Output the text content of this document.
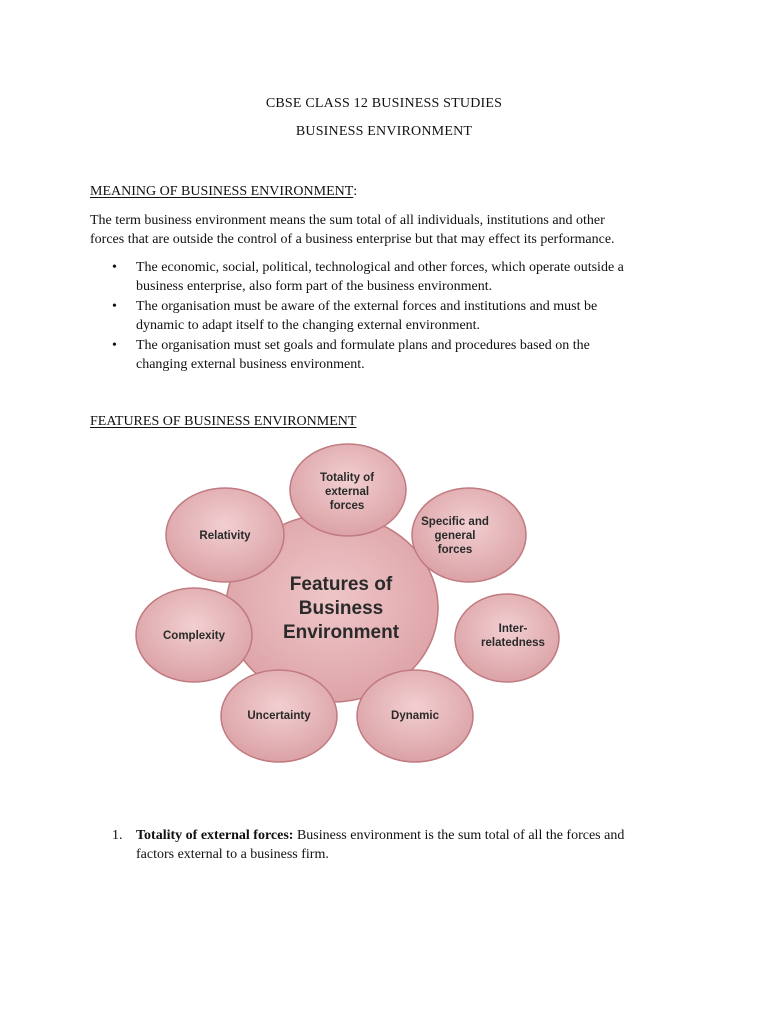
CBSE CLASS 12 BUSINESS STUDIES
BUSINESS ENVIRONMENT
MEANING OF BUSINESS ENVIRONMENT:
The term business environment means the sum total of all individuals, institutions and other
forces that are outside the control of a business enterprise but that may effect its performance.
• The economic, social, political, technological and other forces, which operate outside a
business enterprise, also form part of the business environment.
• The organisation must be aware of the external forces and institutions and must be
dynamic to adapt itself to the changing external environment.
• The organisation must set goals and formulate plans and procedures based on the
changing external business environment.
FEATURES OF BUSINESS ENVIRONMENT
Features of
Business
Environment
Totality of
external
forces
Specific and
general
forces
Inter-
relatedness
Dynamic
Uncertainty
Complexity
Relativity
1. Totality of external forces: Business environment is the sum total of all the forces and
factors external to a business firm.
